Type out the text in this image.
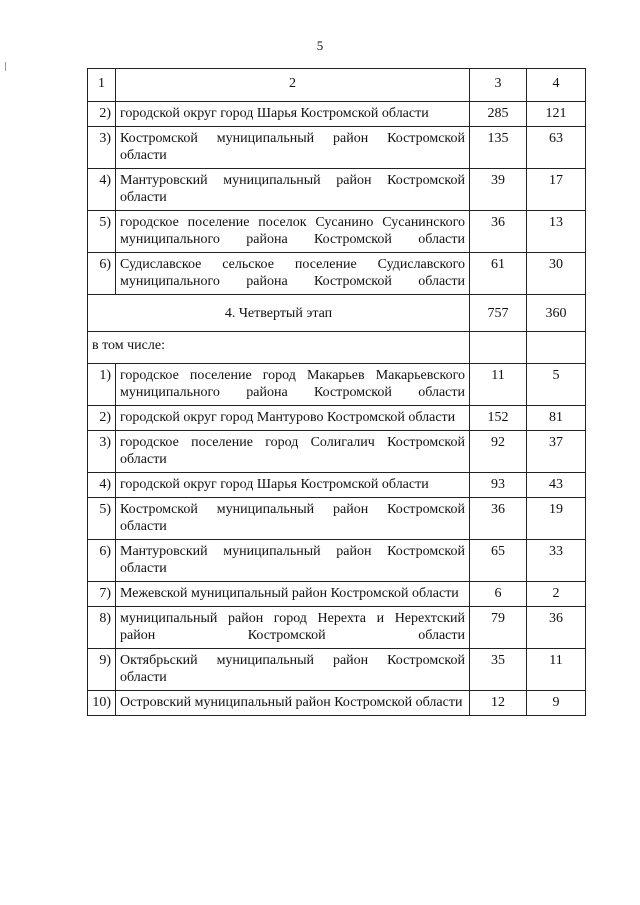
5
1	2	3	4
2)	городской округ город Шарья Костромской области	285	121
3)	Костромской муниципальный район Костромской области	135	63
4)	Мантуровский муниципальный район Костромской области	39	17
5)	городское поселение поселок Сусанино Сусанинского муниципального района Костромской области	36	13
6)	Судиславское сельское поселение Судиславского муниципального района Костромской области	61	30
4. Четвертый этап		757	360
в том числе:			
1)	городское поселение город Макарьев Макарьевского муниципального района Костромской области	11	5
2)	городской округ город Мантурово Костромской области	152	81
3)	городское поселение город Солигалич Костромской области	92	37
4)	городской округ город Шарья Костромской области	93	43
5)	Костромской муниципальный район Костромской области	36	19
6)	Мантуровский муниципальный район Костромской области	65	33
7)	Межевской муниципальный район Костромской области	6	2
8)	муниципальный район город Нерехта и Нерехтский район Костромской области	79	36
9)	Октябрьский муниципальный район Костромской области	35	11
10)	Островский муниципальный район Костромской области	12	9
